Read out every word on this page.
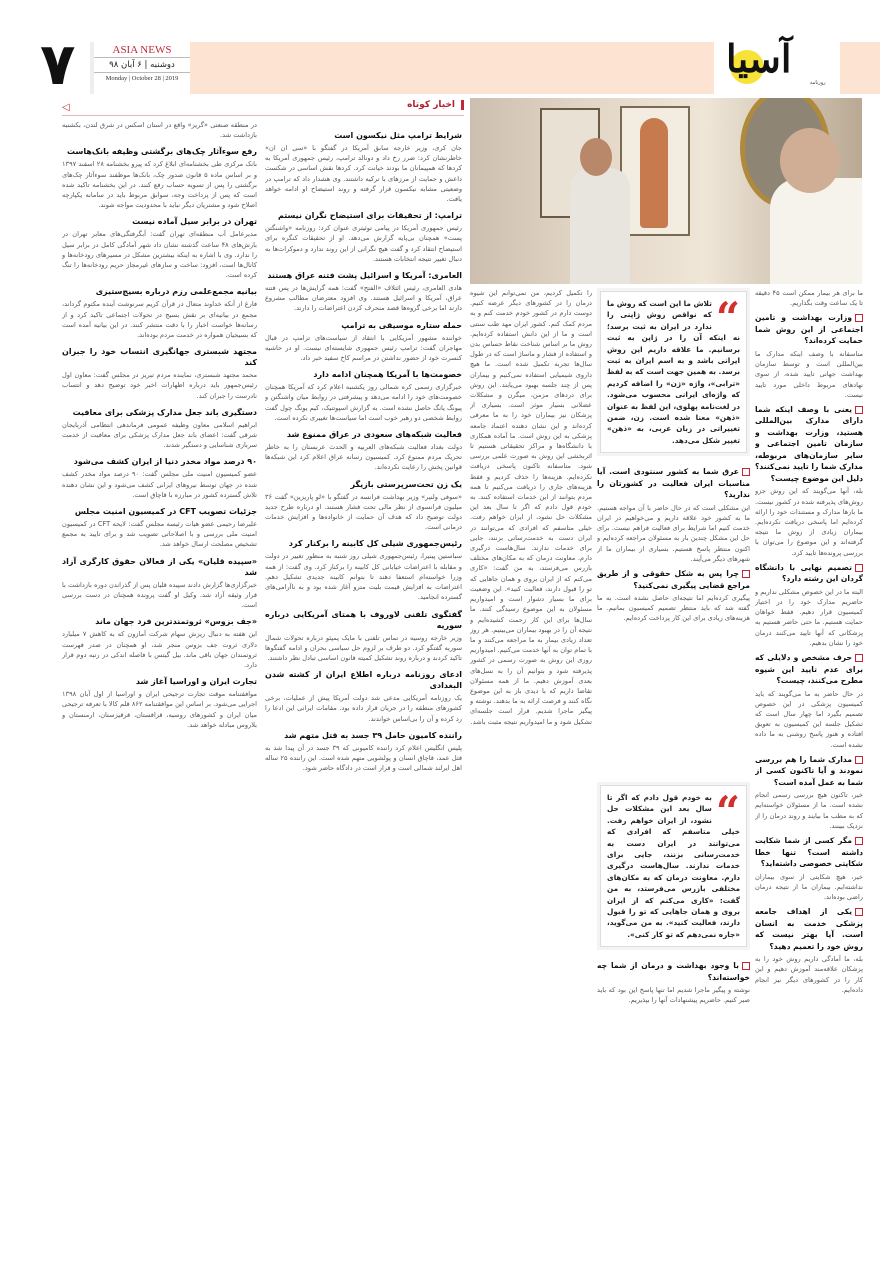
۷	ASIA NEWS
دوشنبه | ۶ آبان ۹۸
Monday | October 28 | 2019	آسیا
روزنامه
اخبار کوتاه
◁
“

تلاش ما این است که روش ما که نواقص روش ژاپنی را ندارد در ایران به ثبت برسد؛ نه اینکه آن را در ژاپن به ثبت برسانیم. ما علاقه داریم این روش ایرانی باشد و به اسم ایران به ثبت برسد. به همین جهت است که به لفظ «ترابی»، واژه «ژن» را اضافه کردیم که واژه‌ای ایرانی محسوب می‌شود. در لغت‌نامه پهلوی، این لفظ به عنوان «ذهن» معنا شده است. زن، ضمن تغییراتی در زبان عربی، به «ذهن» تغییر شکل می‌دهد.

عرق شما به کشور سنتودی است. آیا مناسبات ایران فعالیت در کشورتان را ندارید؟

این مشکلی است که در حال حاضر با آن مواجه هستیم. ما به کشور خود علاقه داریم و می‌خواهیم در ایران خدمت کنیم اما شرایط برای فعالیت فراهم نیست. برای حل این مشکل چندین بار به مسئولان مراجعه کرده‌ایم و اکنون منتظر پاسخ هستیم. بسیاری از بیماران ما از شهرهای دیگر می‌آیند.

چرا پس به شکل حقوقی و از طریق مراجع قضایی پیگیری نمی‌کنید؟

پیگیری کرده‌ایم اما نتیجه‌ای حاصل نشده است. به ما گفته شد که باید منتظر تصمیم کمیسیون بمانیم. ما هزینه‌های زیادی برای این کار پرداخت کرده‌ایم.

“

به خودم قول دادم که اگر تا سال بعد این مشکلات حل نشود، از ایران خواهم رفت. خیلی متاسفم که افرادی که می‌توانند در ایران دست به خدمت‌رسانی بزنند، جایی برای خدمات ندارند. سال‌هاست درگیری دارم. معاونت درمان که به مکان‌های مختلفی بازرس می‌فرستد، به من گفت: «کاری می‌کنم که از ایران بروی و همان جاهایی که تو را قبول دارند، فعالیت کنید». به من می‌گوید، «جاره نمی‌دهم که تو کار کنی».

با وجود بهداشت و درمان از شما چه خواسته‌اند؟

نوشته و پیگیر ماجرا شدیم اما تنها پاسخ این بود که باید صبر کنیم. حاضریم پیشنهادات آنها را بپذیریم.

در منطقه صنعتی «گریز» واقع در استان اسکس در شرق لندن، بکشنبه بازداشت شد.

رفع سوءآثار چک‌های برگشتی وظیفه بانک‌هاست

بانک مرکزی طی بخشنامه‌ای ابلاغ کرد که پیرو بخشنامه ۲۸ اسفند ۱۳۹۷ و بر اساس ماده ۵ قانون صدور چک، بانک‌ها موظفند سوءآثار چک‌های برگشتی را پس از تسویه حساب رفع کنند. در این بخشنامه تاکید شده است که پس از پرداخت وجه، سوابق مربوط باید در سامانه یکپارچه اصلاح شود و مشتریان دیگر نباید با محدودیت مواجه شوند.

تهران در برابر سیل آماده نیست

مدیرعامل آب منطقه‌ای تهران گفت: آبگرفتگی‌های معابر تهران در بارش‌های ۴۸ ساعت گذشته نشان داد شهر آمادگی کامل در برابر سیل را ندارد. وی با اشاره به اینکه بیشترین مشکل در مسیرهای رودخانه‌ها و کانال‌ها است، افزود: ساخت و سازهای غیرمجاز حریم رودخانه‌ها را تنگ کرده است.

بیانیه مجمع‌علمی رزم درباره بسیج‌ستیزی

فارغ از آنکه خداوند متعال در قرآن کریم سرنوشت آینده مکتوم گرداند، مجمع در بیانیه‌ای بر نقش بسیج در تحولات اجتماعی تاکید کرد و از رسانه‌ها خواست اخبار را با دقت منتشر کنند. در این بیانیه آمده است که بسیجیان همواره در خدمت مردم بوده‌اند.

مجتهد شبستری جهانگیری انتساب خود را جبران کند

محمد مجتهد شبستری، نماینده مردم تبریز در مجلس گفت: معاون اول رئیس‌جمهور باید درباره اظهارات اخیر خود توضیح دهد و انتساب نادرست را جبران کند.

دستگیری باند جعل مدارک پزشکی برای معافیت

ابراهیم اسلامی معاون وظیفه عمومی فرماندهی انتظامی آذربایجان شرقی گفت: اعضای باند جعل مدارک پزشکی برای معافیت از خدمت سربازی شناسایی و دستگیر شدند.

۹۰ درصد مواد مخدر دنیا از ایران کشف می‌شود

عضو کمیسیون امنیت ملی مجلس گفت: ۹۰ درصد مواد مخدر کشف شده در جهان توسط نیروهای ایرانی کشف می‌شود و این نشان دهنده تلاش گسترده کشور در مبارزه با قاچاق است.

جزئیات تصویب CFT در کمیسیون امنیت مجلس

علیرضا رحیمی عضو هیات رئیسه مجلس گفت: لایحه CFT در کمیسیون امنیت ملی بررسی و با اصلاحاتی تصویب شد و برای تایید به مجمع تشخیص مصلحت ارسال خواهد شد.

«سپیده قلیان» یکی از فعالان حقوق کارگری آزاد شد

خبرگزاری‌ها گزارش دادند سپیده قلیان پس از گذراندن دوره بازداشت با قرار وثیقه آزاد شد. وکیل او گفت پرونده همچنان در دست بررسی است.

«جف بزوس» ثروتمندترین فرد جهان ماند

این هفته به دنبال ریزش سهام شرکت آمازون که به کاهش ۷ میلیارد دلاری ثروت جف بزوس منجر شد، او همچنان در صدر فهرست ثروتمندان جهان باقی ماند. بیل گیتس با فاصله اندکی در رتبه دوم قرار دارد.

تجارت ایران و اوراسیا آغاز شد

موافقتنامه موقت تجارت ترجیحی ایران و اوراسیا از اول آبان ۱۳۹۸ اجرایی می‌شود. بر اساس این موافقتنامه ۸۶۲ قلم کالا با تعرفه ترجیحی میان ایران و کشورهای روسیه، قزاقستان، قرقیزستان، ارمنستان و بلاروس مبادله خواهد شد.

شرایط ترامپ مثل نیکسون است

جان کری، وزیر خارجه سابق آمریکا در گفتگو با «سی ان ان» خاطرنشان کرد: ضرر رخ داد و دونالد ترامپ، رئیس جمهوری آمریکا به کردها که همپیمانان ما بودند خیانت کرد. کردها نقش اساسی در شکست داعش و حمایت از مرزهای با ترکیه داشتند. وی هشدار داد که ترامپ در وضعیتی مشابه نیکسون قرار گرفته و روند استیضاح او ادامه خواهد یافت.

ترامپ: از تحقیقات برای استیضاح نگران نیستم

رئیس جمهوری آمریکا در پیامی توئیتری عنوان کرد: روزنامه «واشنگتن پست» همچنان بی‌پایه گزارش می‌دهد. او از تحقیقات کنگره برای استیضاح انتقاد کرد و گفت هیچ نگرانی از این روند ندارد و دموکرات‌ها به دنبال تغییر نتیجه انتخابات هستند.

العامری: آمریکا و اسرائیل پشت فتنه عراق هستند

هادی العامری، رئیس ائتلاف «الفتح» گفت: همه گرایش‌ها در پس فتنه عراق، آمریکا و اسرائیل هستند. وی افزود معترضان مطالب مشروع دارند اما برخی گروه‌ها قصد منحرف کردن اعتراضات را دارند.

حمله ستاره موسیقی به ترامپ

خواننده مشهور آمریکایی با انتقاد از سیاست‌های ترامپ در قبال مهاجران گفت: ترامپ رئیس جمهوری شایسته‌ای نیست. او در حاشیه کنسرت خود از حضور نداشتن در مراسم کاخ سفید خبر داد.

خصومت‌ها با آمریکا همچنان ادامه دارد

خبرگزاری رسمی کره شمالی روز یکشنبه اعلام کرد که آمریکا همچنان خصومت‌های خود را ادامه می‌دهد و پیشرفتی در روابط میان واشنگتن و پیونگ یانگ حاصل نشده است. به گزارش اسپوتنیک، کیم یونگ چول گفت روابط شخصی دو رهبر خوب است اما سیاست‌ها تغییری نکرده است.

فعالیت شبکه‌های سعودی در عراق ممنوع شد

دولت بغداد فعالیت شبکه‌های العربیه و الحدث عربستان را به خاطر تحریک مردم ممنوع کرد. کمیسیون رسانه عراق اعلام کرد این شبکه‌ها قوانین پخش را رعایت نکرده‌اند.

یک زن تحت‌سرپرستی بازیگر

«سوفی ولنیر» وزیر بهداشت فرانسه در گفتگو با «لو پاریزین» گفت ۳۶ میلیون فرانسوی از نظر مالی تحت فشار هستند. او درباره طرح جدید دولت توضیح داد که هدف آن حمایت از خانواده‌ها و افزایش خدمات درمانی است.

رئیس‌جمهوری شیلی کل کابینه را برکنار کرد

سباستین پینیرا، رئیس‌جمهوری شیلی روز شنبه به منظور تغییر در دولت و مقابله با اعتراضات خیابانی کل کابینه را برکنار کرد. وی گفت: از همه وزرا خواسته‌ام استعفا دهند تا بتوانم کابینه جدیدی تشکیل دهم. اعتراضات به افزایش قیمت بلیت مترو آغاز شده بود و به ناآرامی‌های گسترده انجامید.

گفتگوی تلفنی لاوروف با همتای آمریکایی درباره سوریه

وزیر خارجه روسیه در تماس تلفنی با مایک پمپئو درباره تحولات شمال سوریه گفتگو کرد. دو طرف بر لزوم حل سیاسی بحران و ادامه گفتگوها تاکید کردند و درباره روند تشکیل کمیته قانون اساسی تبادل نظر داشتند.

ادعای روزنامه درباره اطلاع ایران از کشته شدن البغدادی

یک روزنامه آمریکایی مدعی شد دولت آمریکا پیش از عملیات، برخی کشورهای منطقه را در جریان قرار داده بود. مقامات ایرانی این ادعا را رد کرده و آن را بی‌اساس خواندند.

راننده کامیون حامل ۳۹ جسد به قتل متهم شد

پلیس انگلیس اعلام کرد راننده کامیونی که ۳۹ جسد در آن پیدا شد به قتل عمد، قاچاق انسان و پولشویی متهم شده است. این راننده ۲۵ ساله اهل ایرلند شمالی است و قرار است در دادگاه حاضر شود.

را تکمیل کردیم، من نمی‌توانم این شیوه درمان را در کشورهای دیگر عرضه کنیم. دوست دارم در کشور خودم خدمت کنم و به مردم کمک کنم. کشور ایران مهد طب سنتی است و ما از این دانش استفاده کرده‌ایم. روش ما بر اساس شناخت نقاط حساس بدن و استفاده از فشار و ماساژ است که در طول سال‌ها تجربه تکمیل شده است. ما هیچ داروی شیمیایی استفاده نمی‌کنیم و بیماران پس از چند جلسه بهبود می‌یابند. این روش برای دردهای مزمن، میگرن و مشکلات عضلانی بسیار موثر است. بسیاری از پزشکان نیز بیماران خود را به ما معرفی کرده‌اند و این نشان دهنده اعتماد جامعه پزشکی به این روش است. ما آماده همکاری با دانشگاه‌ها و مراکز تحقیقاتی هستیم تا اثربخشی این روش به صورت علمی بررسی شود. متاسفانه تاکنون پاسخی دریافت نکرده‌ایم. هزینه‌ها را حذف کردیم و فقط هزینه‌های جاری را دریافت می‌کنیم تا همه مردم بتوانند از این خدمات استفاده کنند. به خودم قول دادم که اگر تا سال بعد این مشکلات حل نشود، از ایران خواهم رفت. خیلی متاسفم که افرادی که می‌توانند در ایران دست به خدمت‌رسانی بزنند، جایی برای خدمات ندارند. سال‌هاست درگیری دارم. معاونت درمان که به مکان‌های مختلف بازرس می‌فرستد، به من گفت: «کاری می‌کنم که از ایران بروی و همان جاهایی که تو را قبول دارند، فعالیت کنید». این وضعیت برای ما بسیار دشوار است و امیدواریم مسئولان به این موضوع رسیدگی کنند. ما سال‌ها برای این کار زحمت کشیده‌ایم و نتیجه آن را در بهبود بیماران می‌بینیم. هر روز تعداد زیادی بیمار به ما مراجعه می‌کنند و ما با تمام توان به آنها خدمت می‌کنیم. امیدواریم روزی این روش به صورت رسمی در کشور پذیرفته شود و بتوانیم آن را به نسل‌های بعدی آموزش دهیم. ما از همه مسئولان تقاضا داریم که با دیدی باز به این موضوع نگاه کنند و فرصت ارائه به ما بدهند. نوشته و پیگیر ماجرا شدیم. قرار است جلسه‌ای تشکیل شود و ما امیدواریم نتیجه مثبت باشد.

ما برای هر بیمار ممکن است ۴۵ دقیقه تا یک ساعت وقت بگذاریم.

وزارت بهداشت و تامین اجتماعی از این روش شما حمایت کرده‌اند؟

متاسفانه با وصف اینکه مدارک ما بین‌المللی است و توسط سازمان بهداشت جهانی تایید شده، از سوی نهادهای مربوط داخلی مورد تایید نیست.

یعنی با وصف اینکه شما دارای مدارک بین‌المللی هستید، وزارت بهداشت و سازمان تامین اجتماعی و سایر سازمان‌های مربوطه، مدارک شما را تایید نمی‌کنند؟ دلیل این موضوع چیست؟

بله، آنها می‌گویند که این روش جزو روش‌های پذیرفته شده در کشور نیست. ما بارها مدارک و مستندات خود را ارائه کرده‌ایم اما پاسخی دریافت نکرده‌ایم. بیماران زیادی از روش ما نتیجه گرفته‌اند و این موضوع را می‌توان با بررسی پرونده‌ها تایید کرد.

تصمیم نهایی با دانشگاه گردان این رشته دارد؟

البته ما در این خصوص مشکلی نداریم و حاضریم مدارک خود را در اختیار کمیسیون قرار دهیم. فقط خواهان حمایت هستیم. ما حتی حاضر هستیم به پزشکانی که آنها تایید می‌کنند درمان خود را نشان بدهیم.

حرف مشخص و دلایلی که برای عدم تایید این شیوه مطرح می‌کنند، چیست؟

در حال حاضر به ما می‌گویند که باید کمیسیون پزشکی در این خصوص تصمیم بگیرد اما چهار سال است که تشکیل جلسه این کمیسیون به تعویق افتاده و هنوز پاسخ روشنی به ما داده نشده است.

مدارک شما را هم بررسی نمودند و آیا تاکنون کسی از شما به عمل آمده است؟

خیر، تاکنون هیچ بررسی رسمی انجام نشده است. ما از مسئولان خواسته‌ایم که به مطب ما بیایند و روند درمان را از نزدیک ببینند.

مگر کسی از شما شکایت داشته است؟ تنها خطا شکایتی خصوصی داشته‌اید؟

خیر، هیچ شکایتی از سوی بیماران نداشته‌ایم. بیماران ما از نتیجه درمان راضی بوده‌اند.

یکی از اهداف جامعه پزشکی خدمت به انسان است. آیا بهتر نیست که روش خود را تعمیم دهید؟

بله، ما آمادگی داریم روش خود را به پزشکان علاقه‌مند آموزش دهیم و این کار را در کشورهای دیگر نیز انجام داده‌ایم.
